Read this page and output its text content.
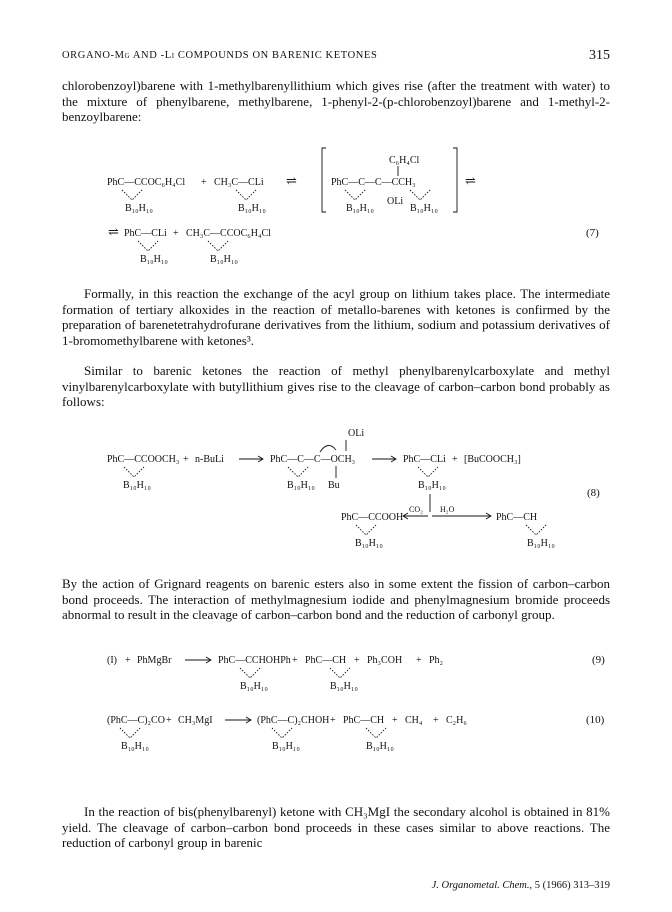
ORGANO-Mg AND -Li COMPOUNDS ON BARENIC KETONES	315

chlorobenzoyl)barene with 1-methylbarenyllithium which gives rise (after the treatment with water) to the mixture of phenylbarene, methylbarene, 1-phenyl-2-(p-chlorobenzoyl)barene and 1-methyl-2-benzoylbarene:

Formally, in this reaction the exchange of the acyl group on lithium takes place. The intermediate formation of tertiary alkoxides in the reaction of metallo-barenes with ketones is confirmed by the preparation of barenetetrahydrofurane derivatives from the lithium, sodium and potassium derivatives of 1-bromomethylbarene with ketones³.

Similar to barenic ketones the reaction of methyl phenylbarenylcarboxylate and methyl vinylbarenylcarboxylate with butyllithium gives rise to the cleavage of carbon–carbon bond probably as follows:

By the action of Grignard reagents on barenic esters also in some extent the fission of carbon–carbon bond proceeds. The interaction of methylmagnesium iodide and phenylmagnesium bromide proceeds abnormal to result in the cleavage of carbon–carbon bond and the reduction of carbonyl group.

In the reaction of bis(phenylbarenyl) ketone with CH₃MgI the secondary alcohol is obtained in 81% yield. The cleavage of carbon–carbon bond proceeds in these cases similar to above reactions. The reduction of carbonyl group in barenic

PhC—CCOC₆H₄Cl + CH₃C—CLi ⇌
B₁₀H₁₀	B₁₀H₁₀
C₆H₄Cl
PhC—C—C—CCH₃
B₁₀H₁₀
OLi
B₁₀H₁₀
⇌
⇌ PhC—CLi + CH₃C—CCOC₆H₄Cl
B₁₀H₁₀	B₁₀H₁₀
(7)
PhC—CCOOCH₃ + n-BuLi
B₁₀H₁₀
OLi
PhC—C—C—OCH₃
B₁₀H₁₀ Bu
PhC—CLi + [BuCOOCH₃]
B₁₀H₁₀
CO₂ H₂O
PhC—CCOOH
B₁₀H₁₀
PhC—CH
B₁₀H₁₀
(8)
(I) + PhMgBr	PhC—CCHOHPh
B₁₀H₁₀
+ PhC—CH
B₁₀H₁₀
+ Ph₃COH + Ph₂	(9)
(PhC—C)₂CO + CH₃MgI
B₁₀H₁₀
(PhC—C)₂CHOH
B₁₀H₁₀
+ PhC—CH
B₁₀H₁₀
+ CH₄ + C₂H₆	(10)
J. Organometal. Chem., 5 (1966) 313–319
